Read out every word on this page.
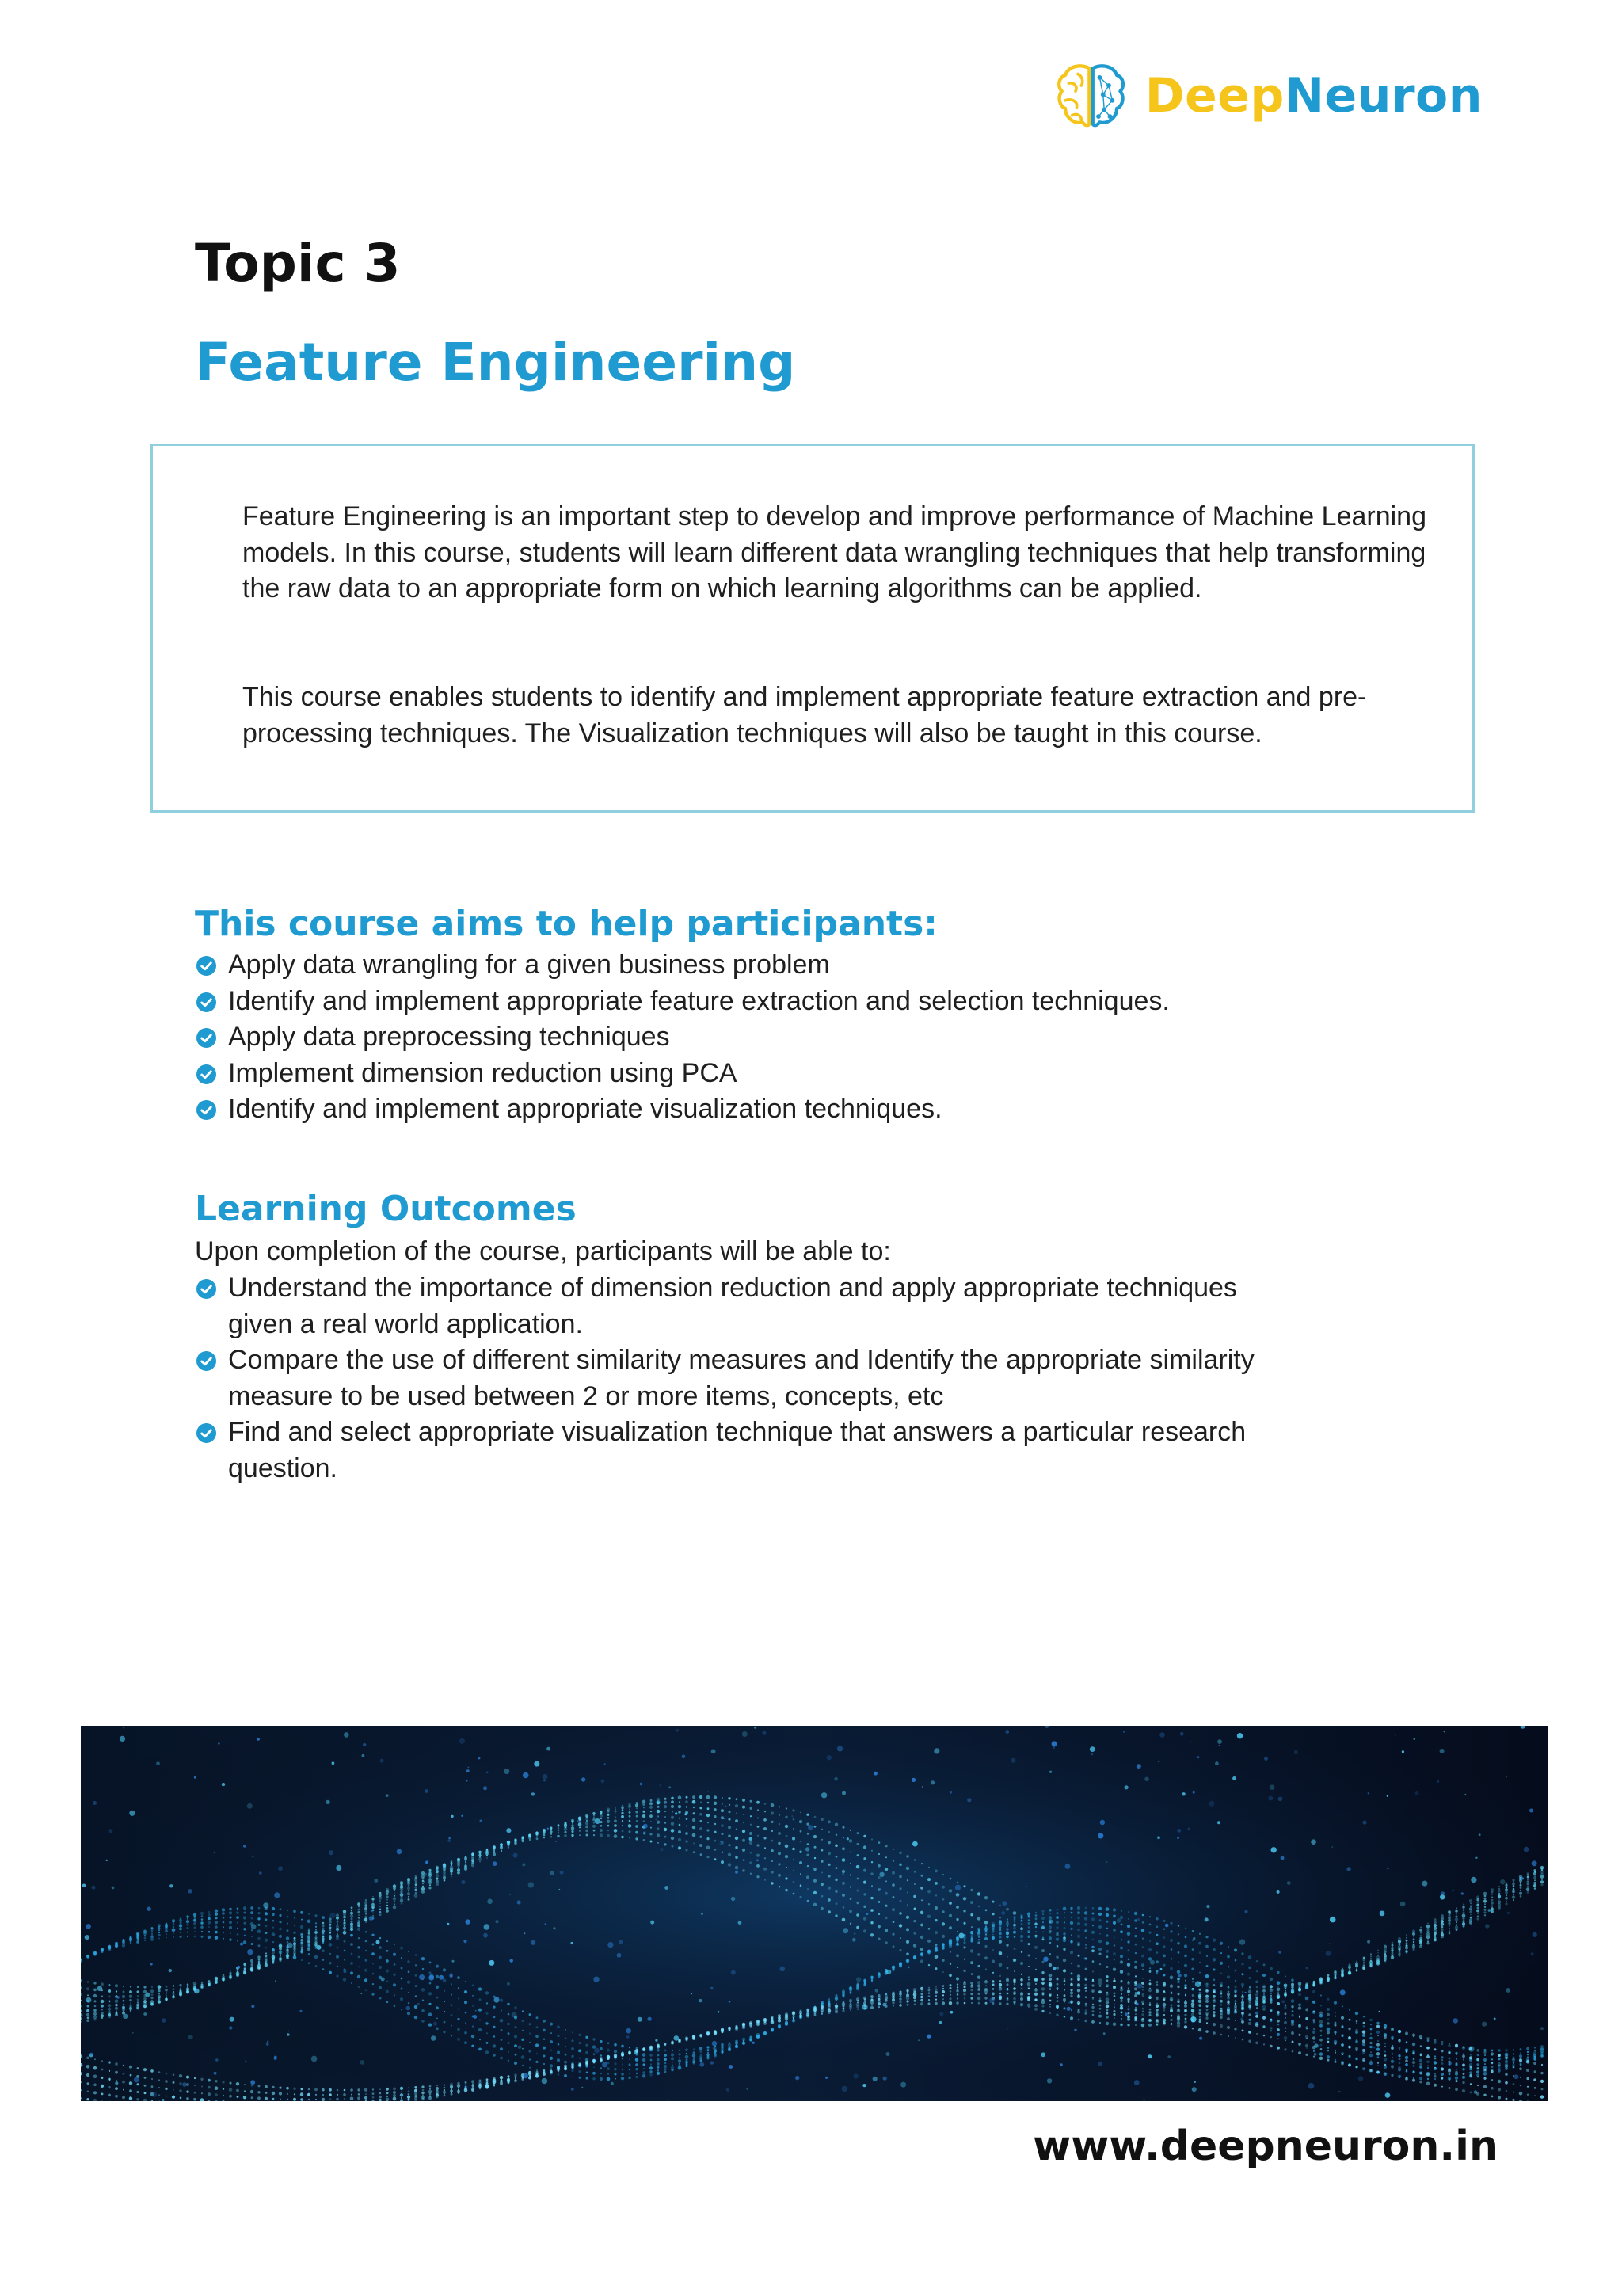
DeepNeuron
Topic 3
Feature Engineering

Feature Engineering is an important step to develop and improve performance of Machine Learning models. In this course, students will learn different data wrangling techniques that help transforming the raw data to an appropriate form on which learning algorithms can be applied.

This course enables students to identify and implement appropriate feature extraction and pre-processing techniques. The Visualization techniques will also be taught in this course.

This course aims to help participants:
Apply data wrangling for a given business problem
Identify and implement appropriate feature extraction and selection techniques.
Apply data preprocessing techniques
Implement dimension reduction using PCA
Identify and implement appropriate visualization techniques.
Learning Outcomes

Upon completion of the course, participants will be able to:

Understand the importance of dimension reduction and apply appropriate techniques given a real world application.
Compare the use of different similarity measures and Identify the appropriate similarity measure to be used between 2 or more items, concepts, etc
Find and select appropriate visualization technique that answers a particular research question.

www.deepneuron.in
